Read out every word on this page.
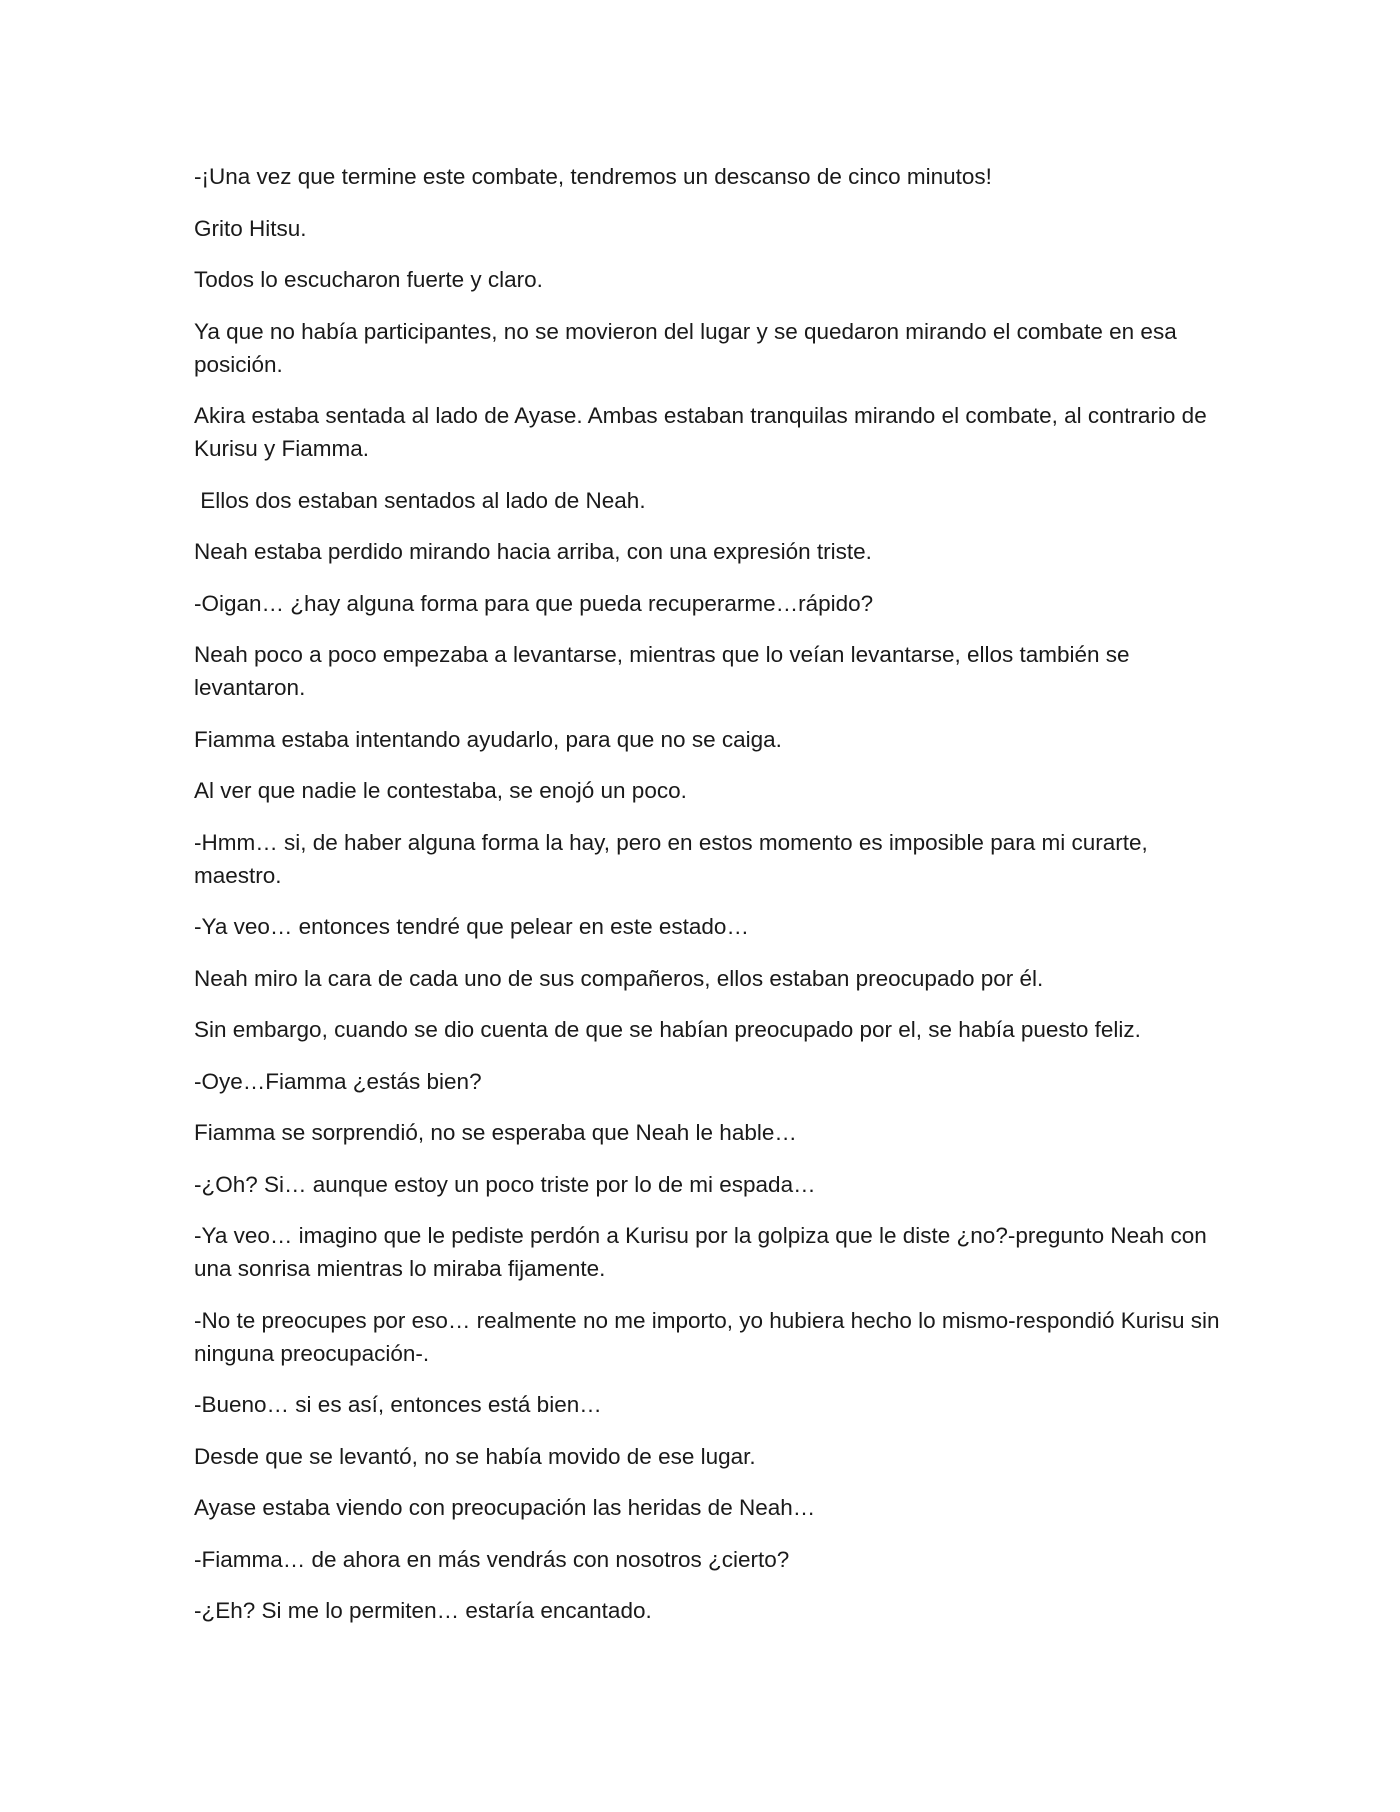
-¡Una vez que termine este combate, tendremos un descanso de cinco minutos!

Grito Hitsu.

Todos lo escucharon fuerte y claro.

Ya que no había participantes, no se movieron del lugar y se quedaron mirando el combate en esa posición.

Akira estaba sentada al lado de Ayase. Ambas estaban tranquilas mirando el combate, al contrario de Kurisu y Fiamma.

Ellos dos estaban sentados al lado de Neah.

Neah estaba perdido mirando hacia arriba, con una expresión triste.

-Oigan… ¿hay alguna forma para que pueda recuperarme…rápido?

Neah poco a poco empezaba a levantarse, mientras que lo veían levantarse, ellos también se levantaron.

Fiamma estaba intentando ayudarlo, para que no se caiga.

Al ver que nadie le contestaba, se enojó un poco.

-Hmm… si, de haber alguna forma la hay, pero en estos momento es imposible para mi curarte, maestro.

-Ya veo… entonces tendré que pelear en este estado…

Neah miro la cara de cada uno de sus compañeros, ellos estaban preocupado por él.

Sin embargo, cuando se dio cuenta de que se habían preocupado por el, se había puesto feliz.

-Oye…Fiamma ¿estás bien?

Fiamma se sorprendió, no se esperaba que Neah le hable…

-¿Oh? Si… aunque estoy un poco triste por lo de mi espada…

-Ya veo… imagino que le pediste perdón a Kurisu por la golpiza que le diste ¿no?-pregunto Neah con una sonrisa mientras lo miraba fijamente.

-No te preocupes por eso… realmente no me importo, yo hubiera hecho lo mismo-respondió Kurisu sin ninguna preocupación-.

-Bueno… si es así, entonces está bien…

Desde que se levantó, no se había movido de ese lugar.

Ayase estaba viendo con preocupación las heridas de Neah…

-Fiamma… de ahora en más vendrás con nosotros ¿cierto?

-¿Eh? Si me lo permiten… estaría encantado.
